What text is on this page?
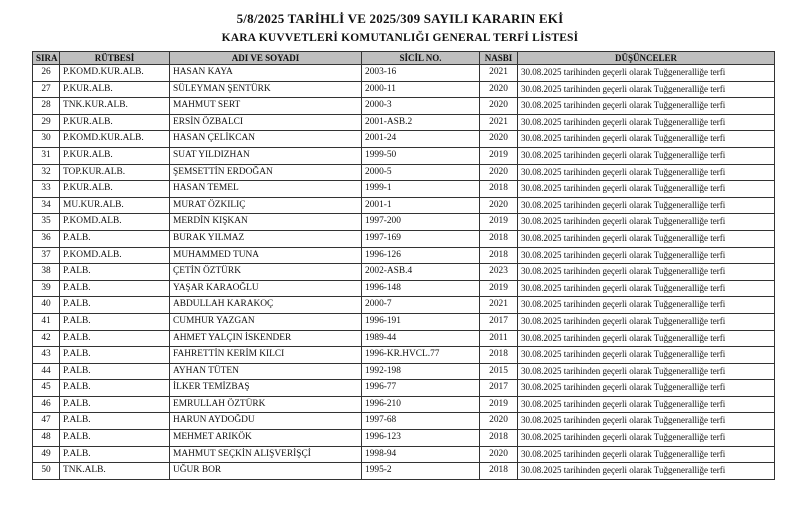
5/8/2025 TARİHLİ VE 2025/309 SAYILI KARARIN EKİ
KARA KUVVETLERİ KOMUTANLIĞI GENERAL TERFİ LİSTESİ
SIRA	RÜTBESİ	ADI VE SOYADI	SİCİL NO.	NASBI	DÜŞÜNCELER
26	P.KOMD.KUR.ALB.	HASAN KAYA	2003-16	2021	30.08.2025 tarihinden geçerli olarak Tuğgeneralliğe terfi
27	P.KUR.ALB.	SÜLEYMAN ŞENTÜRK	2000-11	2020	30.08.2025 tarihinden geçerli olarak Tuğgeneralliğe terfi
28	TNK.KUR.ALB.	MAHMUT SERT	2000-3	2020	30.08.2025 tarihinden geçerli olarak Tuğgeneralliğe terfi
29	P.KUR.ALB.	ERSİN ÖZBALCI	2001-ASB.2	2021	30.08.2025 tarihinden geçerli olarak Tuğgeneralliğe terfi
30	P.KOMD.KUR.ALB.	HASAN ÇELİKCAN	2001-24	2020	30.08.2025 tarihinden geçerli olarak Tuğgeneralliğe terfi
31	P.KUR.ALB.	SUAT YILDIZHAN	1999-50	2019	30.08.2025 tarihinden geçerli olarak Tuğgeneralliğe terfi
32	TOP.KUR.ALB.	ŞEMSETTİN ERDOĞAN	2000-5	2020	30.08.2025 tarihinden geçerli olarak Tuğgeneralliğe terfi
33	P.KUR.ALB.	HASAN TEMEL	1999-1	2018	30.08.2025 tarihinden geçerli olarak Tuğgeneralliğe terfi
34	MU.KUR.ALB.	MURAT ÖZKILIÇ	2001-1	2020	30.08.2025 tarihinden geçerli olarak Tuğgeneralliğe terfi
35	P.KOMD.ALB.	MERDİN KIŞKAN	1997-200	2019	30.08.2025 tarihinden geçerli olarak Tuğgeneralliğe terfi
36	P.ALB.	BURAK YILMAZ	1997-169	2018	30.08.2025 tarihinden geçerli olarak Tuğgeneralliğe terfi
37	P.KOMD.ALB.	MUHAMMED TUNA	1996-126	2018	30.08.2025 tarihinden geçerli olarak Tuğgeneralliğe terfi
38	P.ALB.	ÇETİN ÖZTÜRK	2002-ASB.4	2023	30.08.2025 tarihinden geçerli olarak Tuğgeneralliğe terfi
39	P.ALB.	YAŞAR KARAOĞLU	1996-148	2019	30.08.2025 tarihinden geçerli olarak Tuğgeneralliğe terfi
40	P.ALB.	ABDULLAH KARAKOÇ	2000-7	2021	30.08.2025 tarihinden geçerli olarak Tuğgeneralliğe terfi
41	P.ALB.	CUMHUR YAZGAN	1996-191	2017	30.08.2025 tarihinden geçerli olarak Tuğgeneralliğe terfi
42	P.ALB.	AHMET YALÇIN İSKENDER	1989-44	2011	30.08.2025 tarihinden geçerli olarak Tuğgeneralliğe terfi
43	P.ALB.	FAHRETTİN KERİM KILCI	1996-KR.HVCL.77	2018	30.08.2025 tarihinden geçerli olarak Tuğgeneralliğe terfi
44	P.ALB.	AYHAN TÜTEN	1992-198	2015	30.08.2025 tarihinden geçerli olarak Tuğgeneralliğe terfi
45	P.ALB.	İLKER TEMİZBAŞ	1996-77	2017	30.08.2025 tarihinden geçerli olarak Tuğgeneralliğe terfi
46	P.ALB.	EMRULLAH ÖZTÜRK	1996-210	2019	30.08.2025 tarihinden geçerli olarak Tuğgeneralliğe terfi
47	P.ALB.	HARUN AYDOĞDU	1997-68	2020	30.08.2025 tarihinden geçerli olarak Tuğgeneralliğe terfi
48	P.ALB.	MEHMET ARIKÖK	1996-123	2018	30.08.2025 tarihinden geçerli olarak Tuğgeneralliğe terfi
49	P.ALB.	MAHMUT SEÇKİN ALIŞVERİŞÇİ	1998-94	2020	30.08.2025 tarihinden geçerli olarak Tuğgeneralliğe terfi
50	TNK.ALB.	UĞUR BOR	1995-2	2018	30.08.2025 tarihinden geçerli olarak Tuğgeneralliğe terfi
